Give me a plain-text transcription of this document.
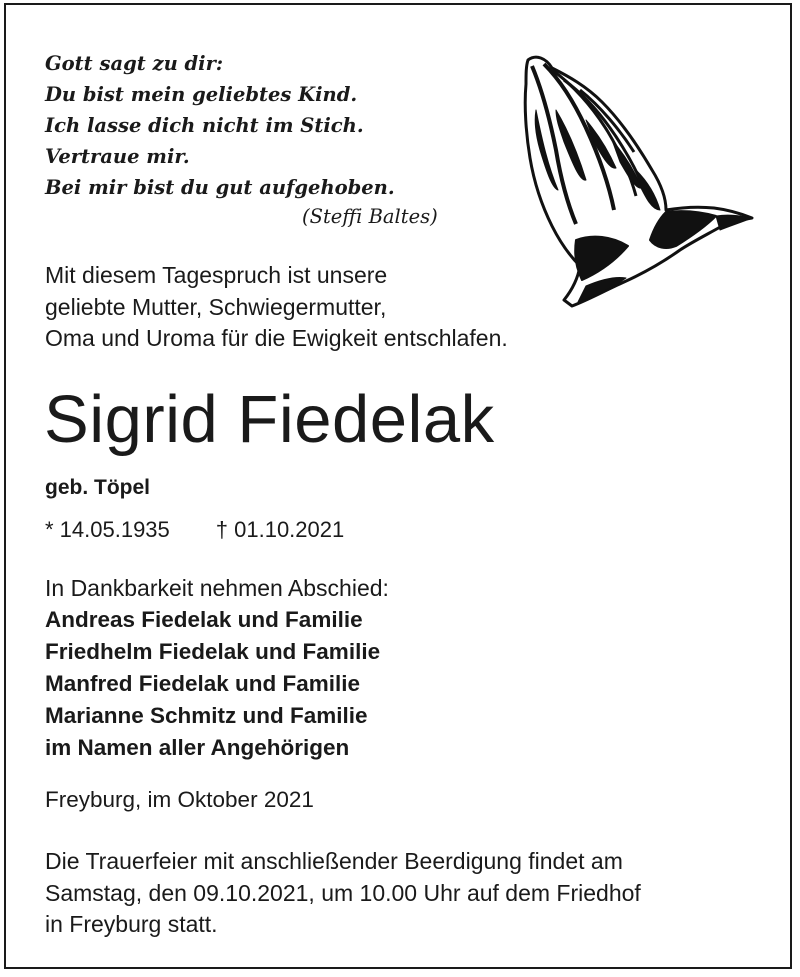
Gott sagt zu dir:
Du bist mein geliebtes Kind.
Ich lasse dich nicht im Stich.
Vertraue mir.
Bei mir bist du gut aufgehoben.
(Steffi Baltes)
Mit diesem Tagespruch ist unsere
geliebte Mutter, Schwiegermutter,
Oma und Uroma für die Ewigkeit entschlafen.
Sigrid Fiedelak
geb. Töpel
* 14.05.1935 † 01.10.2021
In Dankbarkeit nehmen Abschied:
Andreas Fiedelak und Familie
Friedhelm Fiedelak und Familie
Manfred Fiedelak und Familie
Marianne Schmitz und Familie
im Namen aller Angehörigen
Freyburg, im Oktober 2021
Die Trauerfeier mit anschließender Beerdigung findet am
Samstag, den 09.10.2021, um 10.00 Uhr auf dem Friedhof
in Freyburg statt.
